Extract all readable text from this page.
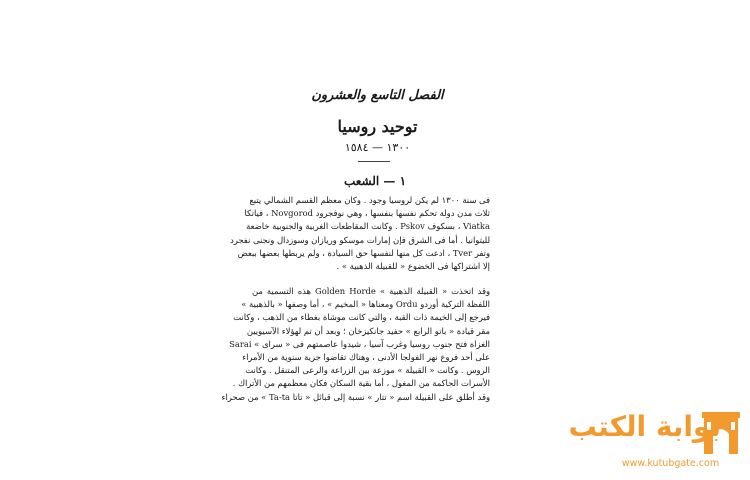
الفصل التاسع والعشرون
توحيد روسيا
١٣٠٠ — ١٥٨٤
١ — الشعب
فى سنة ١٣٠٠ لم يكن لروسيا وجود . وكان معظم القسم الشمالي يتبع
ثلاث مدن دولة تحكم نفسها بنفسها ، وهي نوفجرود Novgorod ، فياتكا
Viatka ، بسكوف Pskov . وكانت المقاطعات الغربية والجنوبية خاضعة
لليتوانيا . أما فى الشرق فإن إمارات موسكو وريازان وسوزدال ونجنى نفجرد
وتفر Tver ، ادعت كل منها لنفسها حق السيادة ، ولم يربطها بعضها ببعض
إلا اشتراكها فى الخضوع « للقبيلة الذهبية » .
وقد اتخذت « القبيلة الذهبية » Golden Horde هذه التسمية من
اللفظة التركية أوردو Ordu ومعناها « المخيم » ، أما وصفها « بالذهبية »
فيرجع إلى الخيمة ذات القبة ، والتي كانت موشاة بغطاء من الذهب ، وكانت
مقر قيادة « باتو الرابع » حفيد جانكيزخان ؛ وبعد أن تم لهؤلاء الآسيويين
الغزاة فتح جنوب روسيا وغرب آسيا ، شيدوا عاصمتهم فى « سراى » Sarai
على أحد فروع نهر الفولجا الأدنى ، وهناك تقاضوا جزية سنوية من الأمراء
الروس . وكانت « القبيلة » موزعة بين الزراعة والرعى المتنقل . وكانت
الأسرات الحاكمة من المغول ، أما بقية السكان فكان معظمهم من الأتراك .
وقد أطلق على القبيلة اسم « تتار » نسبة إلى قبائل « تاتا Ta-ta » من صحراء
بوابة الكتب
www.kutubgate.com
